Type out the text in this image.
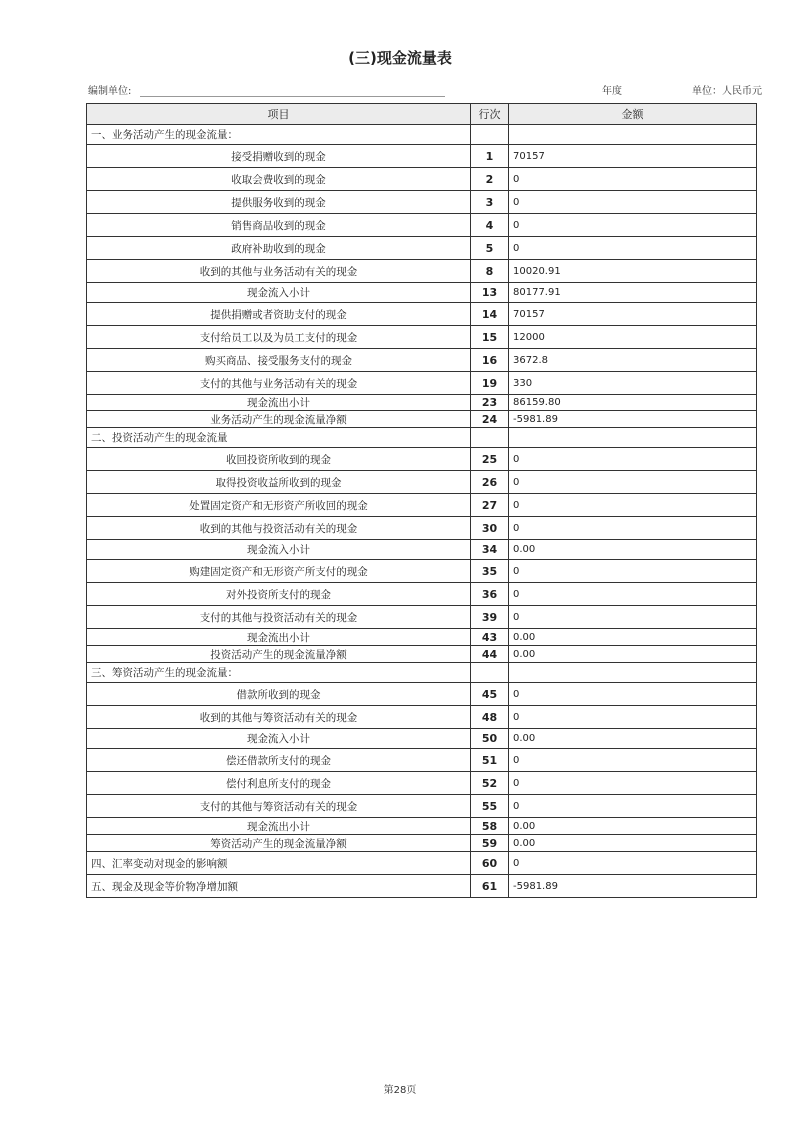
(三)现金流量表
编制单位:	年度	单位：人民币元
项目	行次	金额
一、业务活动产生的现金流量：		
接受捐赠收到的现金	1	70157
收取会费收到的现金	2	0
提供服务收到的现金	3	0
销售商品收到的现金	4	0
政府补助收到的现金	5	0
收到的其他与业务活动有关的现金	8	10020.91
现金流入小计	13	80177.91
提供捐赠或者资助支付的现金	14	70157
支付给员工以及为员工支付的现金	15	12000
购买商品、接受服务支付的现金	16	3672.8
支付的其他与业务活动有关的现金	19	330
现金流出小计	23	86159.80
业务活动产生的现金流量净额	24	-5981.89
二、投资活动产生的现金流量		
收回投资所收到的现金	25	0
取得投资收益所收到的现金	26	0
处置固定资产和无形资产所收回的现金	27	0
收到的其他与投资活动有关的现金	30	0
现金流入小计	34	0.00
购建固定资产和无形资产所支付的现金	35	0
对外投资所支付的现金	36	0
支付的其他与投资活动有关的现金	39	0
现金流出小计	43	0.00
投资活动产生的现金流量净额	44	0.00
三、筹资活动产生的现金流量：		
借款所收到的现金	45	0
收到的其他与筹资活动有关的现金	48	0
现金流入小计	50	0.00
偿还借款所支付的现金	51	0
偿付利息所支付的现金	52	0
支付的其他与筹资活动有关的现金	55	0
现金流出小计	58	0.00
筹资活动产生的现金流量净额	59	0.00
四、汇率变动对现金的影响额	60	0
五、现金及现金等价物净增加额	61	-5981.89
第28页
